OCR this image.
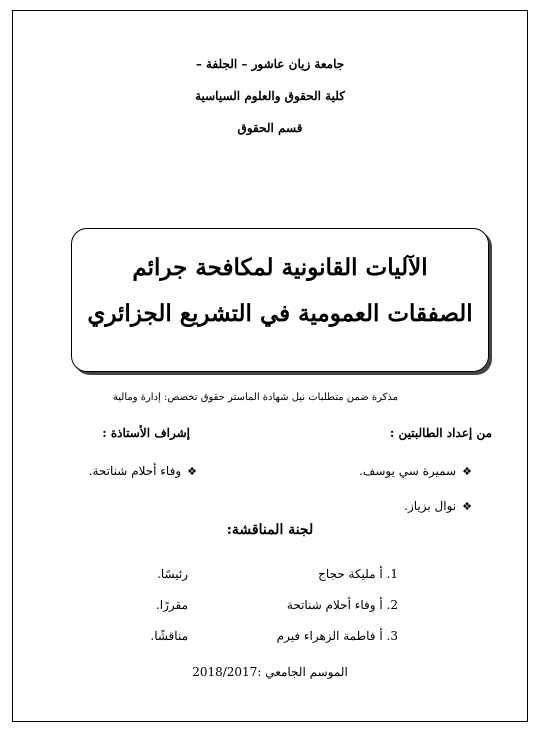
جامعة زيان عاشور – الجلفة –
كلية الحقوق والعلوم السياسية
قسم الحقوق
الآليات القانونية لمكافحة جرائم
الصفقات العمومية في التشريع الجزائري
مذكرة ضمن متطلبات نيل شهادة الماستر حقوق تخصص: إدارة ومالية
من إعداد الطالبتين :
إشراف الأستاذة :
❖ سميرة سي يوسف.
❖ وفاء أحلام شناتحة.
❖ نوال بزياز.
لجنة المناقشة:
1. أ مليكة حجاج
رئيسًا.
2. أ وفاء أحلام شناتحة
مقررًا.
3. أ فاطمة الزهراء فيرم
مناقشًا.
الموسم الجامعي :2018/2017
